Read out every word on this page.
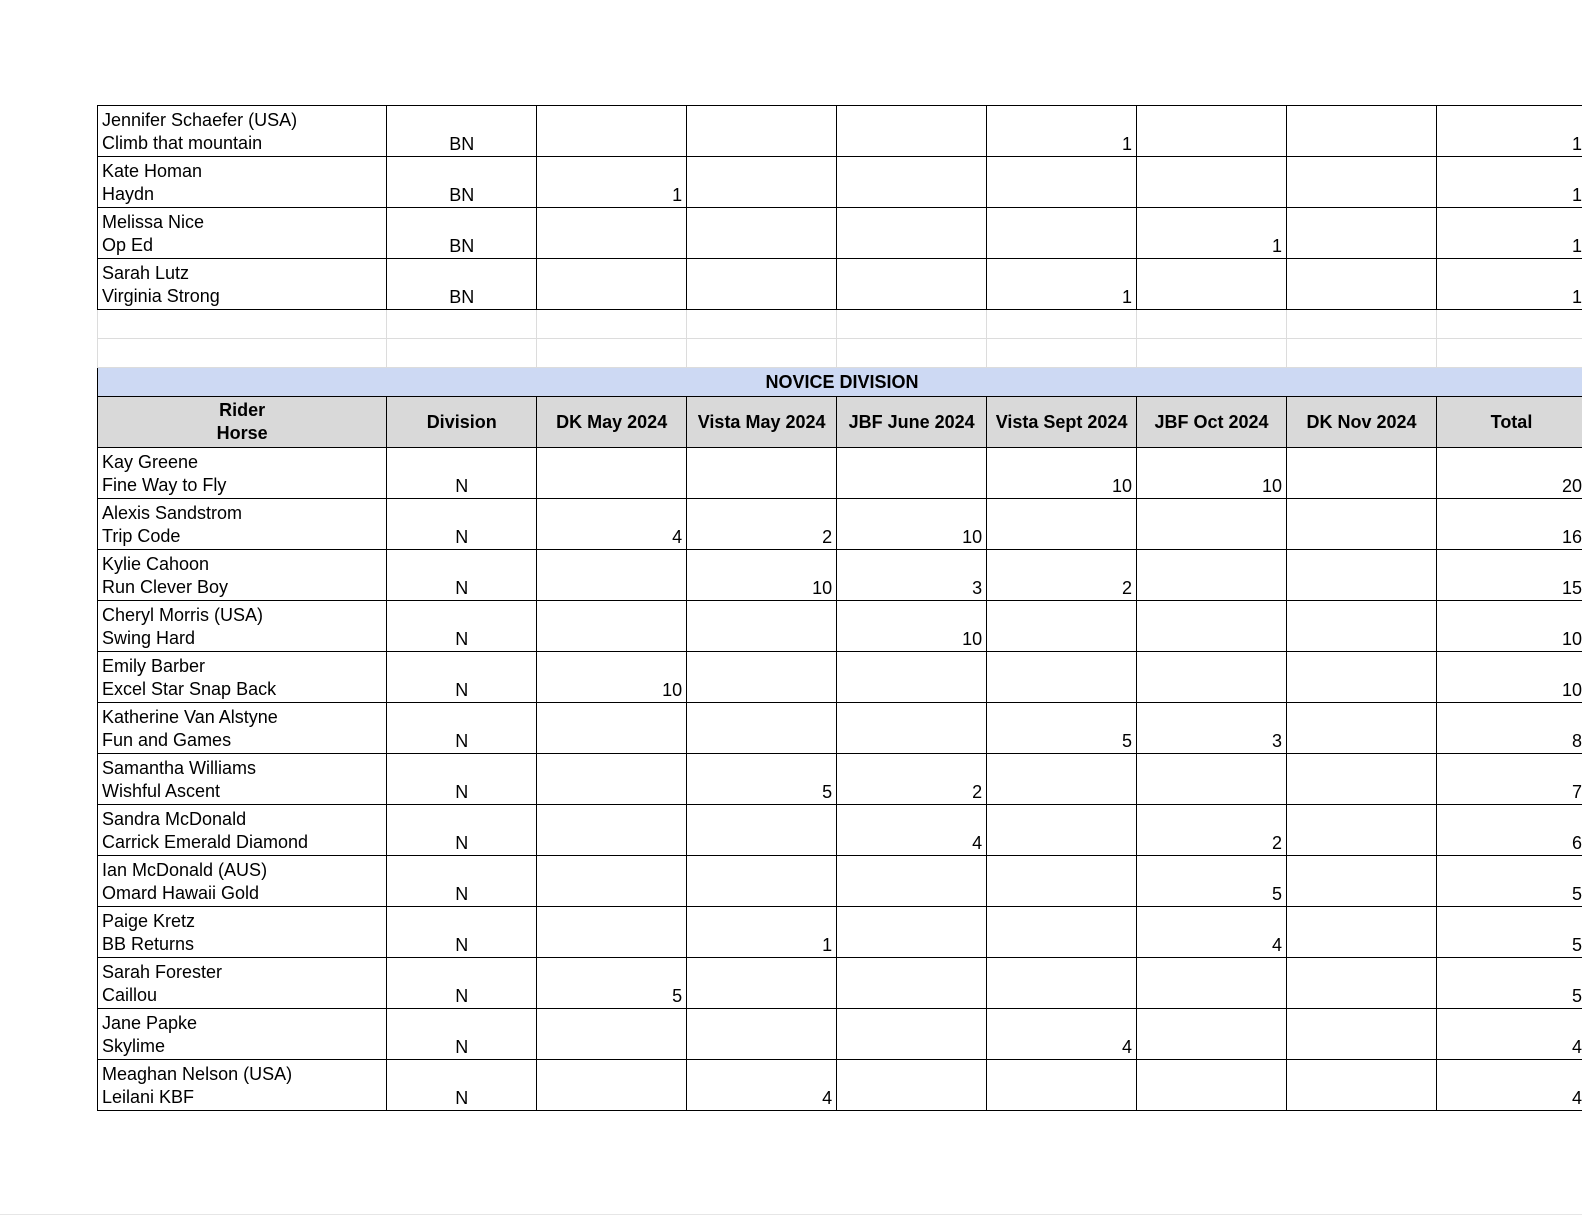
Jennifer Schaefer (USA)
Climb that mountain	BN				1			1

Kate Homan
Haydn	BN	1						1

Melissa Nice
Op Ed	BN					1		1

Sarah Lutz
Virginia Strong	BN				1			1

NOVICE DIVISION								

Rider
Horse	Division	DK May 2024	Vista May 2024	JBF June 2024	Vista Sept 2024	JBF Oct 2024	DK Nov 2024	Total

Kay Greene
Fine Way to Fly	N				10	10		20

Alexis Sandstrom
Trip Code	N	4	2	10				16

Kylie Cahoon
Run Clever Boy	N		10	3	2			15

Cheryl Morris (USA)
Swing Hard	N			10				10

Emily Barber
Excel Star Snap Back	N	10						10

Katherine Van Alstyne
Fun and Games	N				5	3		8

Samantha Williams
Wishful Ascent	N		5	2				7

Sandra McDonald
Carrick Emerald Diamond	N			4		2		6

Ian McDonald (AUS)
Omard Hawaii Gold	N					5		5

Paige Kretz
BB Returns	N		1			4		5

Sarah Forester
Caillou	N	5						5

Jane Papke
Skylime	N				4			4

Meaghan Nelson (USA)
Leilani KBF	N		4					4
